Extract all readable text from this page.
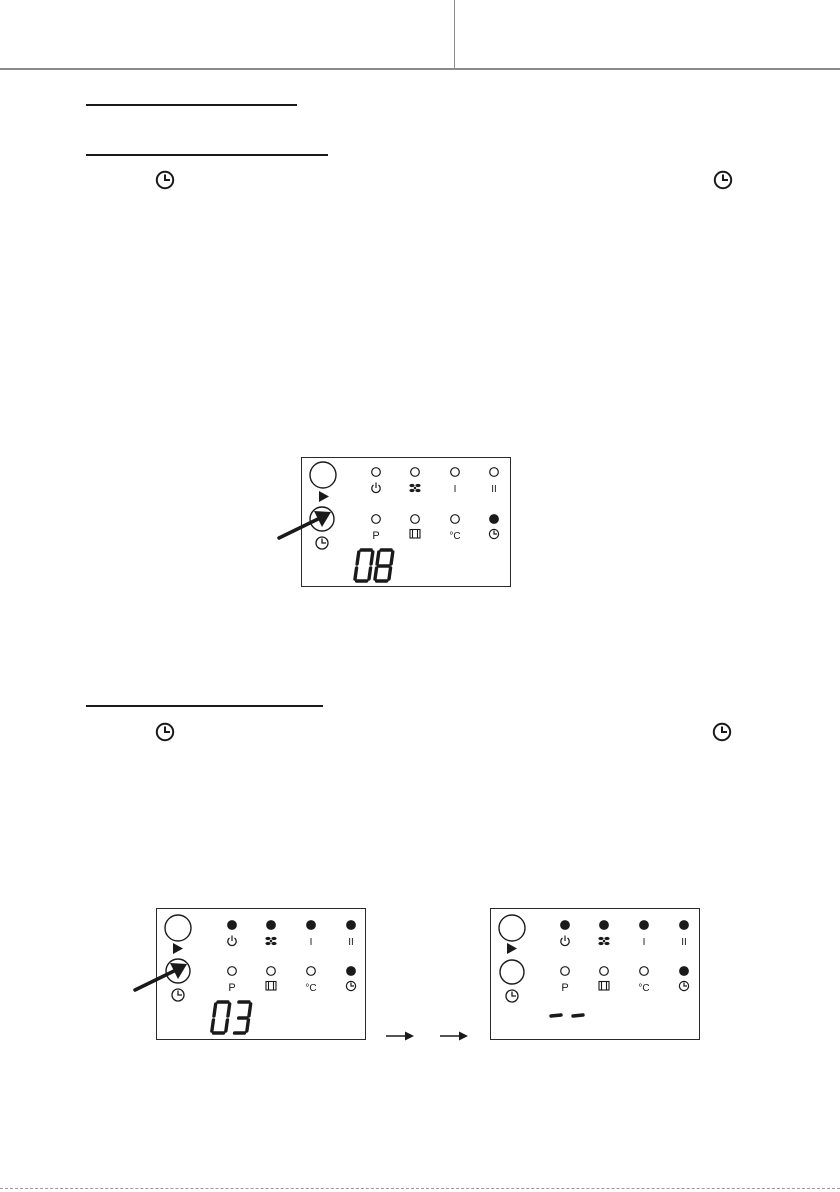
I	II
P	°C
I	II
P	°C
I	II
P	°C
